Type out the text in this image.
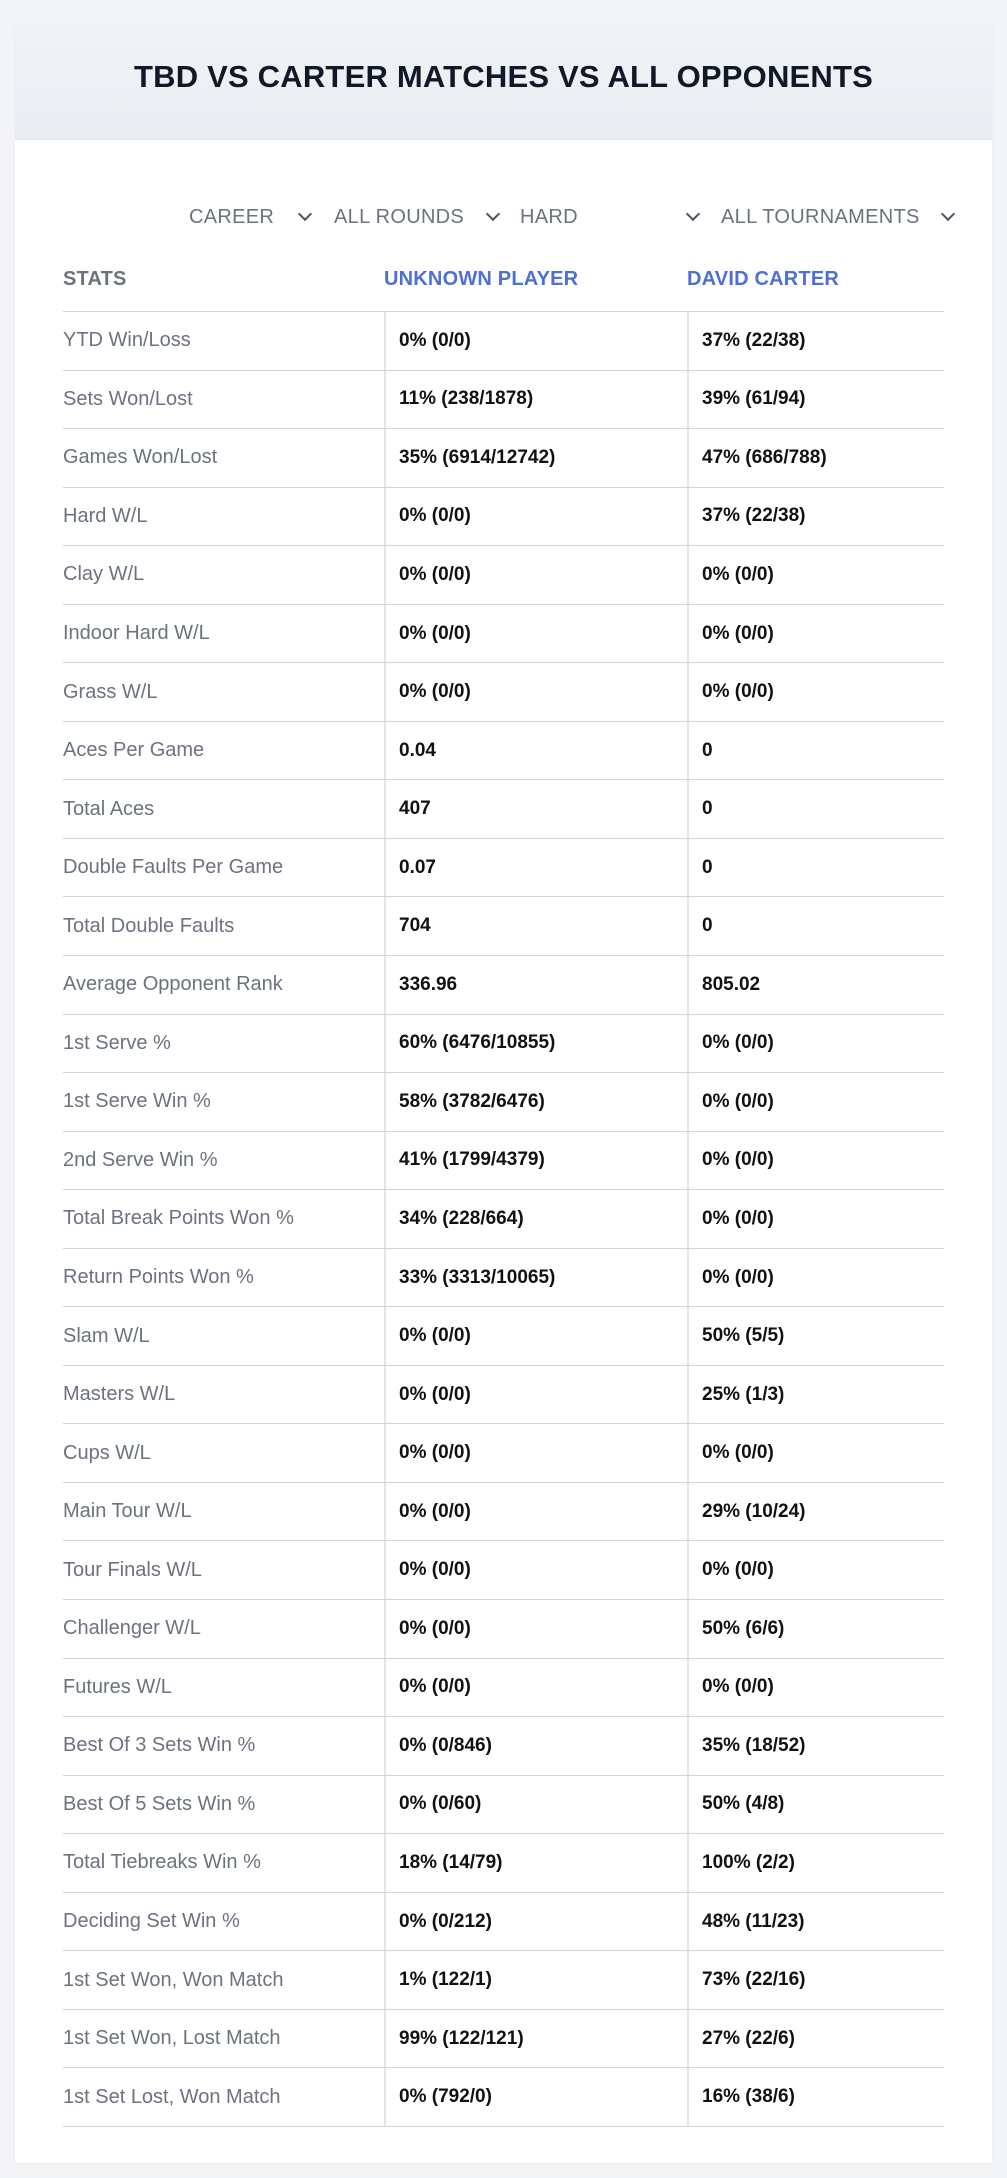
TBD VS CARTER MATCHES VS ALL OPPONENTS
CAREER	ALL ROUNDS	HARD	ALL TOURNAMENTS
STATS	UNKNOWN PLAYER	DAVID CARTER
YTD Win/Loss	0% (0/0)	37% (22/38)
Sets Won/Lost	11% (238/1878)	39% (61/94)
Games Won/Lost	35% (6914/12742)	47% (686/788)
Hard W/L	0% (0/0)	37% (22/38)
Clay W/L	0% (0/0)	0% (0/0)
Indoor Hard W/L	0% (0/0)	0% (0/0)
Grass W/L	0% (0/0)	0% (0/0)
Aces Per Game	0.04	0
Total Aces	407	0
Double Faults Per Game	0.07	0
Total Double Faults	704	0
Average Opponent Rank	336.96	805.02
1st Serve %	60% (6476/10855)	0% (0/0)
1st Serve Win %	58% (3782/6476)	0% (0/0)
2nd Serve Win %	41% (1799/4379)	0% (0/0)
Total Break Points Won %	34% (228/664)	0% (0/0)
Return Points Won %	33% (3313/10065)	0% (0/0)
Slam W/L	0% (0/0)	50% (5/5)
Masters W/L	0% (0/0)	25% (1/3)
Cups W/L	0% (0/0)	0% (0/0)
Main Tour W/L	0% (0/0)	29% (10/24)
Tour Finals W/L	0% (0/0)	0% (0/0)
Challenger W/L	0% (0/0)	50% (6/6)
Futures W/L	0% (0/0)	0% (0/0)
Best Of 3 Sets Win %	0% (0/846)	35% (18/52)
Best Of 5 Sets Win %	0% (0/60)	50% (4/8)
Total Tiebreaks Win %	18% (14/79)	100% (2/2)
Deciding Set Win %	0% (0/212)	48% (11/23)
1st Set Won, Won Match	1% (122/1)	73% (22/16)
1st Set Won, Lost Match	99% (122/121)	27% (22/6)
1st Set Lost, Won Match	0% (792/0)	16% (38/6)
